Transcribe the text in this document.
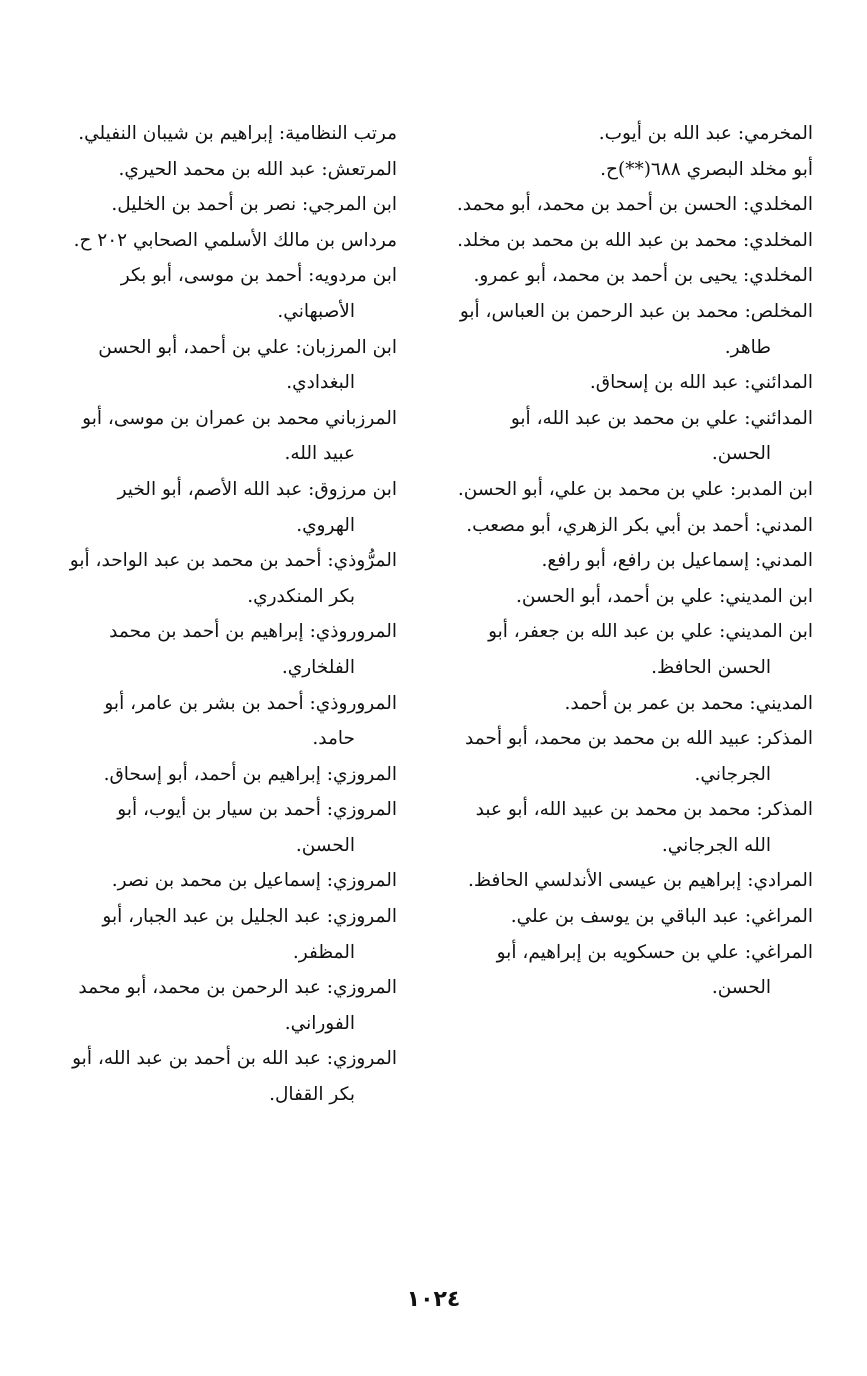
المخرمي: عبد الله بن أيوب.

أبو مخلد البصري ٦٨٨(**)ح.

المخلدي: الحسن بن أحمد بن محمد، أبو محمد.

المخلدي: محمد بن عبد الله بن محمد بن مخلد.

المخلدي: يحيى بن أحمد بن محمد، أبو عمرو.

المخلص: محمد بن عبد الرحمن بن العباس، أبو طاهر.

المدائني: عبد الله بن إسحاق.

المدائني: علي بن محمد بن عبد الله، أبو الحسن.

ابن المدبر: علي بن محمد بن علي، أبو الحسن.

المدني: أحمد بن أبي بكر الزهري، أبو مصعب.

المدني: إسماعيل بن رافع، أبو رافع.

ابن المديني: علي بن أحمد، أبو الحسن.

ابن المديني: علي بن عبد الله بن جعفر، أبو الحسن الحافظ.

المديني: محمد بن عمر بن أحمد.

المذكر: عبيد الله بن محمد بن محمد، أبو أحمد الجرجاني.

المذكر: محمد بن محمد بن عبيد الله، أبو عبد الله الجرجاني.

المرادي: إبراهيم بن عيسى الأندلسي الحافظ.

المراغي: عبد الباقي بن يوسف بن علي.

المراغي: علي بن حسكويه بن إبراهيم، أبو الحسن.

مرتب النظامية: إبراهيم بن شيبان النفيلي.

المرتعش: عبد الله بن محمد الحيري.

ابن المرجي: نصر بن أحمد بن الخليل.

مرداس بن مالك الأسلمي الصحابي ٢٠٢ ح.

ابن مردويه: أحمد بن موسى، أبو بكر الأصبهاني.

ابن المرزبان: علي بن أحمد، أبو الحسن البغدادي.

المرزباني محمد بن عمران بن موسى، أبو عبيد الله.

ابن مرزوق: عبد الله الأصم، أبو الخير الهروي.

المرُّوذي: أحمد بن محمد بن عبد الواحد، أبو بكر المنكدري.

المروروذي: إبراهيم بن أحمد بن محمد الفلخاري.

المروروذي: أحمد بن بشر بن عامر، أبو حامد.

المروزي: إبراهيم بن أحمد، أبو إسحاق.

المروزي: أحمد بن سيار بن أيوب، أبو الحسن.

المروزي: إسماعيل بن محمد بن نصر.

المروزي: عبد الجليل بن عبد الجبار، أبو المظفر.

المروزي: عبد الرحمن بن محمد، أبو محمد الفوراني.

المروزي: عبد الله بن أحمد بن عبد الله، أبو بكر القفال.

١٠٢٤
